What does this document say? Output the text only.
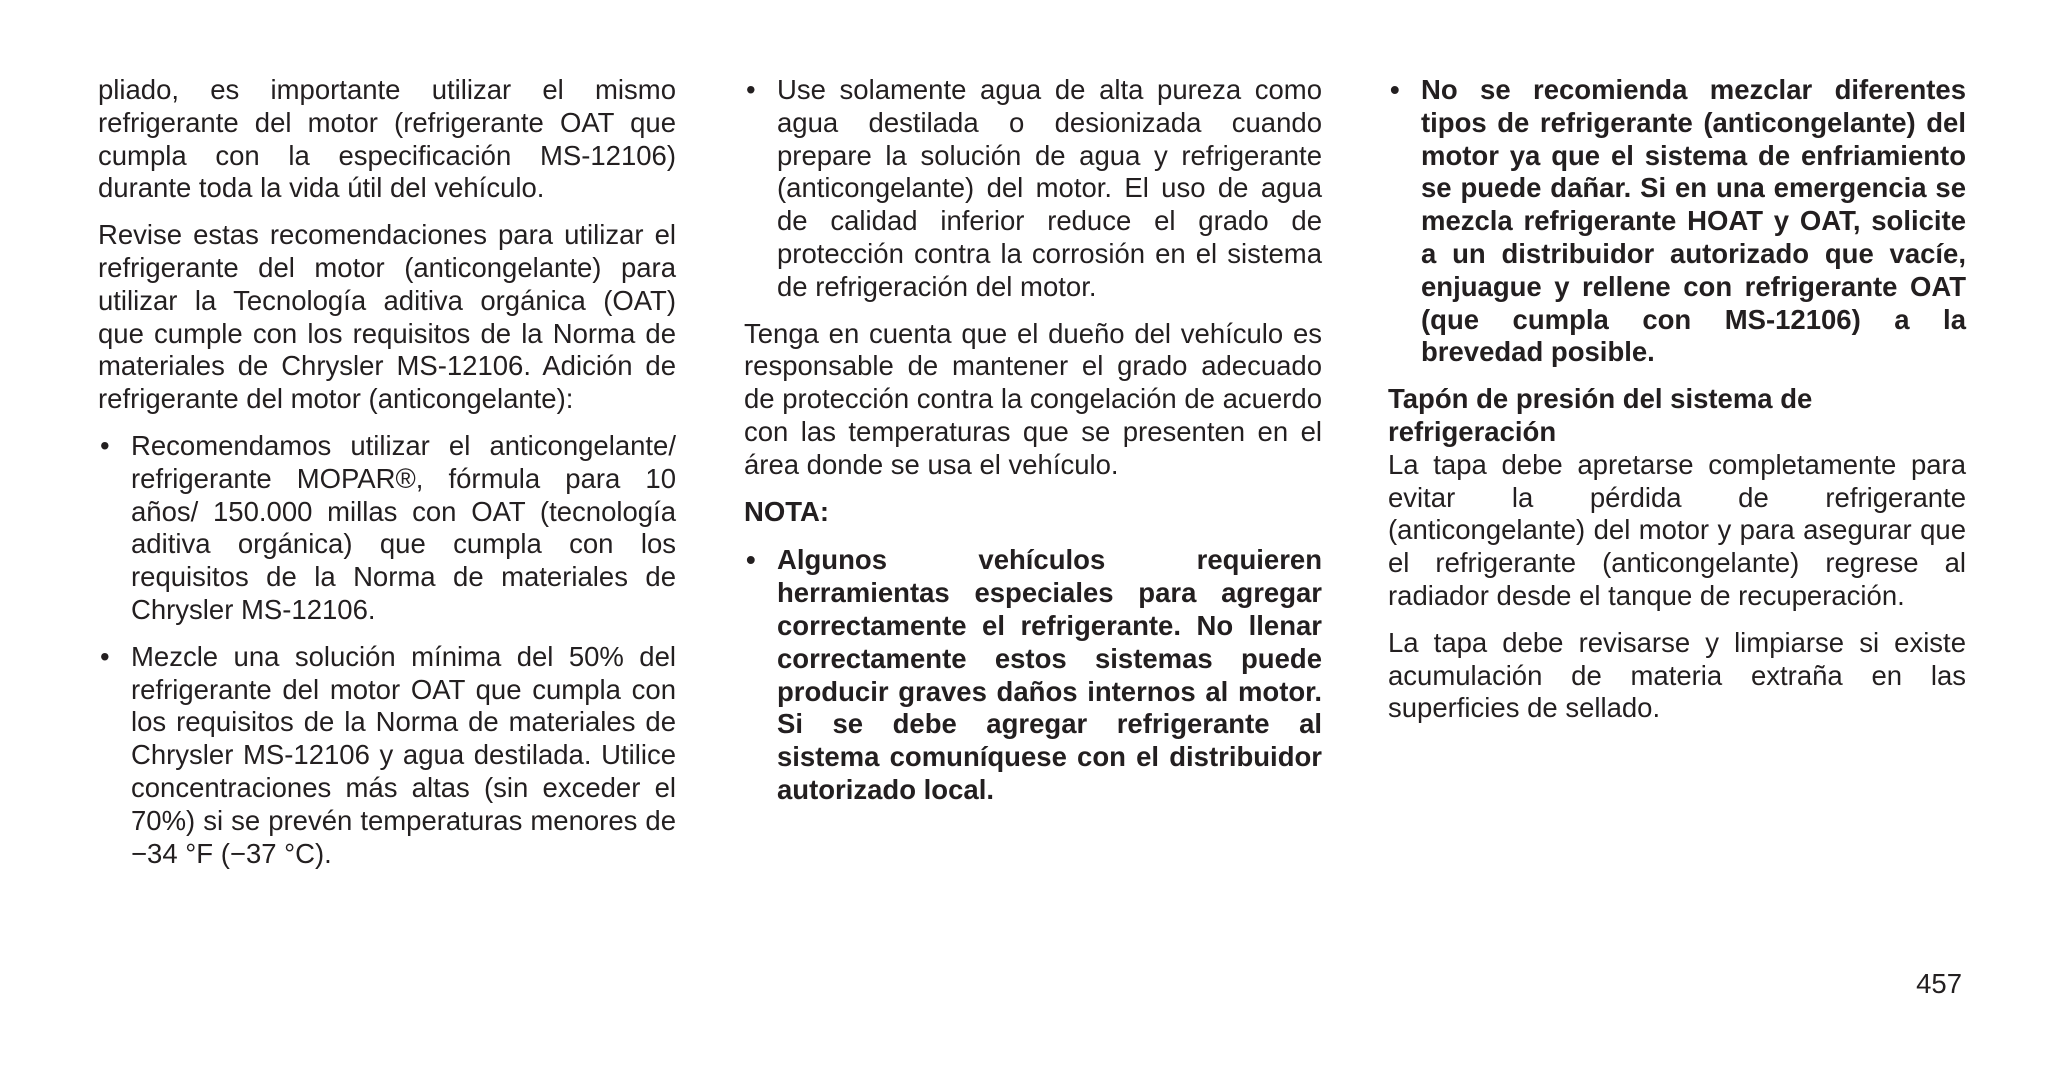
pliado, es importante utilizar el mismo refrigerante del motor (refrigerante OAT que cumpla con la especificación MS-12106) durante toda la vida útil del vehículo.

Revise estas recomendaciones para utilizar el refrigerante del motor (anticongelante) para utilizar la Tecnología aditiva orgánica (OAT) que cumple con los requisitos de la Norma de materiales de Chrysler MS-12106. Adición de refrigerante del motor (anticongelante):

• Recomendamos utilizar el anticongelante/ refrigerante MOPAR®, fórmula para 10 años/ 150.000 millas con OAT (tecnología aditiva orgánica) que cumpla con los requisitos de la Norma de materiales de Chrysler MS-12106.
• Mezcle una solución mínima del 50% del refrigerante del motor OAT que cumpla con los requisitos de la Norma de materiales de Chrysler MS-12106 y agua destilada. Utilice concentraciones más altas (sin exceder el 70%) si se prevén temperaturas menores de −34 °F (−37 °C).
• Use solamente agua de alta pureza como agua destilada o desionizada cuando prepare la solución de agua y refrigerante (anticongelante) del motor. El uso de agua de calidad inferior reduce el grado de protección contra la corrosión en el sistema de refrigeración del motor.

Tenga en cuenta que el dueño del vehículo es responsable de mantener el grado adecuado de protección contra la congelación de acuerdo con las temperaturas que se presenten en el área donde se usa el vehículo.

NOTA:

• Algunos vehículos requieren herramientas especiales para agregar correctamente el refrigerante. No llenar correctamente estos sistemas puede producir graves daños internos al motor. Si se debe agregar refrigerante al sistema comuníquese con el distribuidor autorizado local.
• No se recomienda mezclar diferentes tipos de refrigerante (anticongelante) del motor ya que el sistema de enfriamiento se puede dañar. Si en una emergencia se mezcla refrigerante HOAT y OAT, solicite a un distribuidor autorizado que vacíe, enjuague y rellene con refrigerante OAT (que cumpla con MS-12106) a la brevedad posible.

Tapón de presión del sistema de refrigeración

La tapa debe apretarse completamente para evitar la pérdida de refrigerante (anticongelante) del motor y para asegurar que el refrigerante (anticongelante) regrese al radiador desde el tanque de recuperación.

La tapa debe revisarse y limpiarse si existe acumulación de materia extraña en las superficies de sellado.

457
